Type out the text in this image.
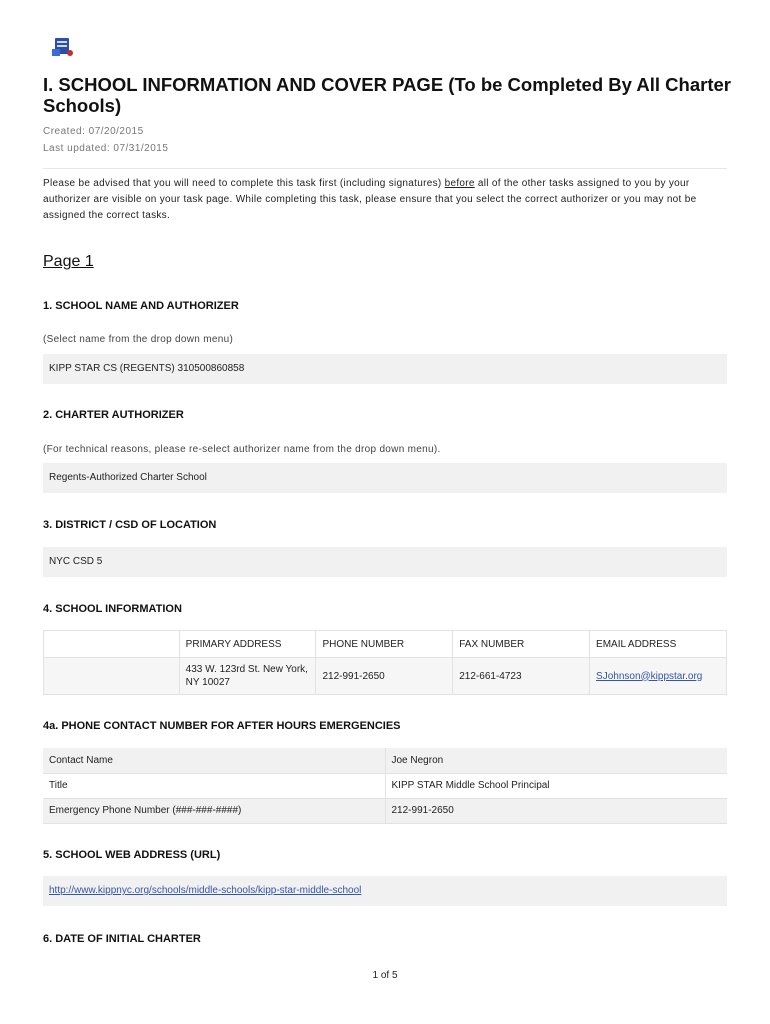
I. SCHOOL INFORMATION AND COVER PAGE (To be Completed By All Charter Schools)
Created: 07/20/2015
Last updated: 07/31/2015
Please be advised that you will need to complete this task first (including signatures) before all of the other tasks assigned to you by your authorizer are visible on your task page. While completing this task, please ensure that you select the correct authorizer or you may not be assigned the correct tasks.
Page 1
1. SCHOOL NAME AND AUTHORIZER
(Select name from the drop down menu)
KIPP STAR CS (REGENTS) 310500860858
2. CHARTER AUTHORIZER
(For technical reasons, please re-select authorizer name from the drop down menu).
Regents-Authorized Charter School
3. DISTRICT / CSD OF LOCATION
NYC CSD 5
4. SCHOOL INFORMATION
	PRIMARY ADDRESS	PHONE NUMBER	FAX NUMBER	EMAIL ADDRESS
	433 W. 123rd St. New York, NY 10027	212-991-2650	212-661-4723	SJohnson@kippstar.org
4a. PHONE CONTACT NUMBER FOR AFTER HOURS EMERGENCIES
Contact Name	Joe Negron
Title	KIPP STAR Middle School Principal
Emergency Phone Number (###-###-####)	212-991-2650
5. SCHOOL WEB ADDRESS (URL)
http://www.kippnyc.org/schools/middle-schools/kipp-star-middle-school
6. DATE OF INITIAL CHARTER
1 of 5
